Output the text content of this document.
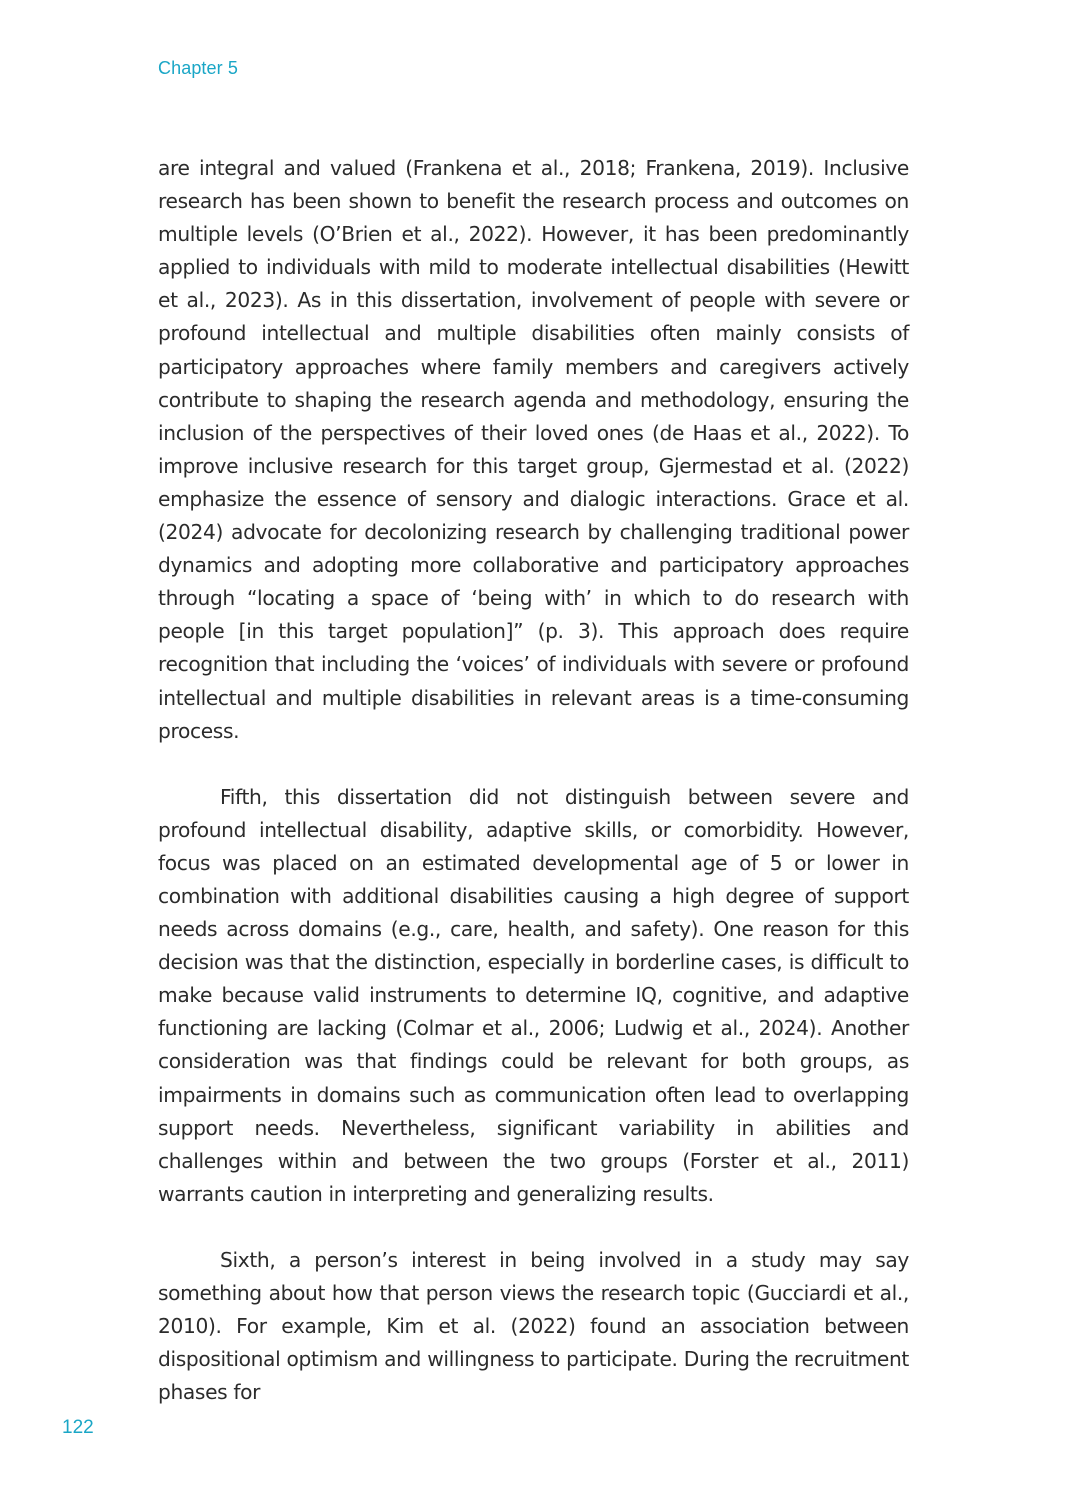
Chapter 5

are integral and valued (Frankena et al., 2018; Frankena, 2019). Inclusive research has been shown to benefit the research process and outcomes on multiple levels (O’Brien et al., 2022). However, it has been predominantly applied to individuals with mild to moderate intellectual disabilities (Hewitt et al., 2023). As in this dissertation, involvement of people with severe or profound intellectual and multiple disabilities often mainly consists of participatory approaches where family members and caregivers actively contribute to shaping the research agenda and methodology, ensuring the inclusion of the perspectives of their loved ones (de Haas et al., 2022). To improve inclusive research for this target group, Gjermestad et al. (2022) emphasize the essence of sensory and dialogic interactions. Grace et al. (2024) advocate for decolonizing research by challenging traditional power dynamics and adopting more collaborative and participatory approaches through “locating a space of ‘being with’ in which to do research with people [in this target population]” (p. 3). This approach does require recognition that including the ‘voices’ of individuals with severe or profound intellectual and multiple disabilities in relevant areas is a time-consuming process.

Fifth, this dissertation did not distinguish between severe and profound intellectual disability, adaptive skills, or comorbidity. However, focus was placed on an estimated developmental age of 5 or lower in combination with additional disabilities causing a high degree of support needs across domains (e.g., care, health, and safety). One reason for this decision was that the distinction, especially in borderline cases, is difficult to make because valid instruments to determine IQ, cognitive, and adaptive functioning are lacking (Colmar et al., 2006; Ludwig et al., 2024). Another consideration was that findings could be relevant for both groups, as impairments in domains such as communication often lead to overlapping support needs. Nevertheless, significant variability in abilities and challenges within and between the two groups (Forster et al., 2011) warrants caution in interpreting and generalizing results.

Sixth, a person’s interest in being involved in a study may say something about how that person views the research topic (Gucciardi et al., 2010). For example, Kim et al. (2022) found an association between dispositional optimism and willingness to participate. During the recruitment phases for

122
